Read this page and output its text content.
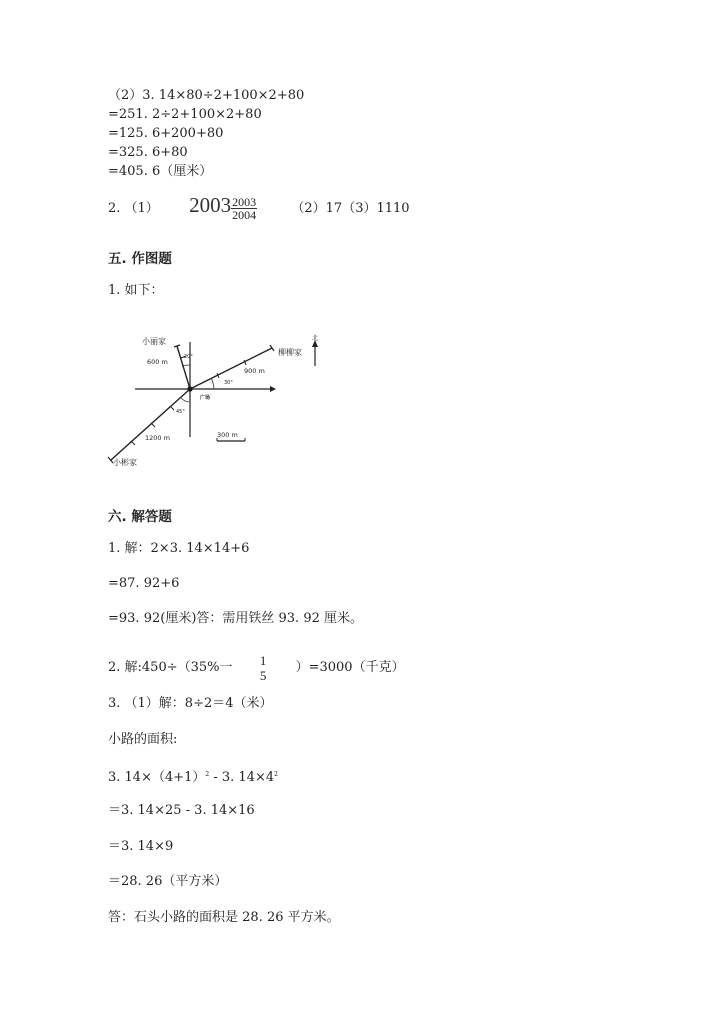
（2）3. 14×80÷2+100×2+80
=251. 2÷2+100×2+80
=125. 6+200+80
=325. 6+80
=405. 6（厘米）
2. （1） $2003 \frac{2003}{2004}$	（2）17（3）1110
五. 作图题
1. 如下：
小丽家
柳柳家
小彬家
广场
北
600 m
900 m
1200 m	300 m
20°
30°
45°
六. 解答题
1. 解：2×3. 14×14+6
=87. 92+6
=93. 92(厘米)答：需用铁丝 93. 92 厘米。
2. 解:450÷（35%一 1
5 ）=3000（千克）
3. （1）解：8÷2＝4（米）
小路的面积:
3. $14\times(4+1)^2 - 3$. $14\times 4^2$
＝3. 14×25 - 3. 14×16
＝3. 14×9
＝28. 26（平方米）
答：石头小路的面积是 28. 26 平方米。
